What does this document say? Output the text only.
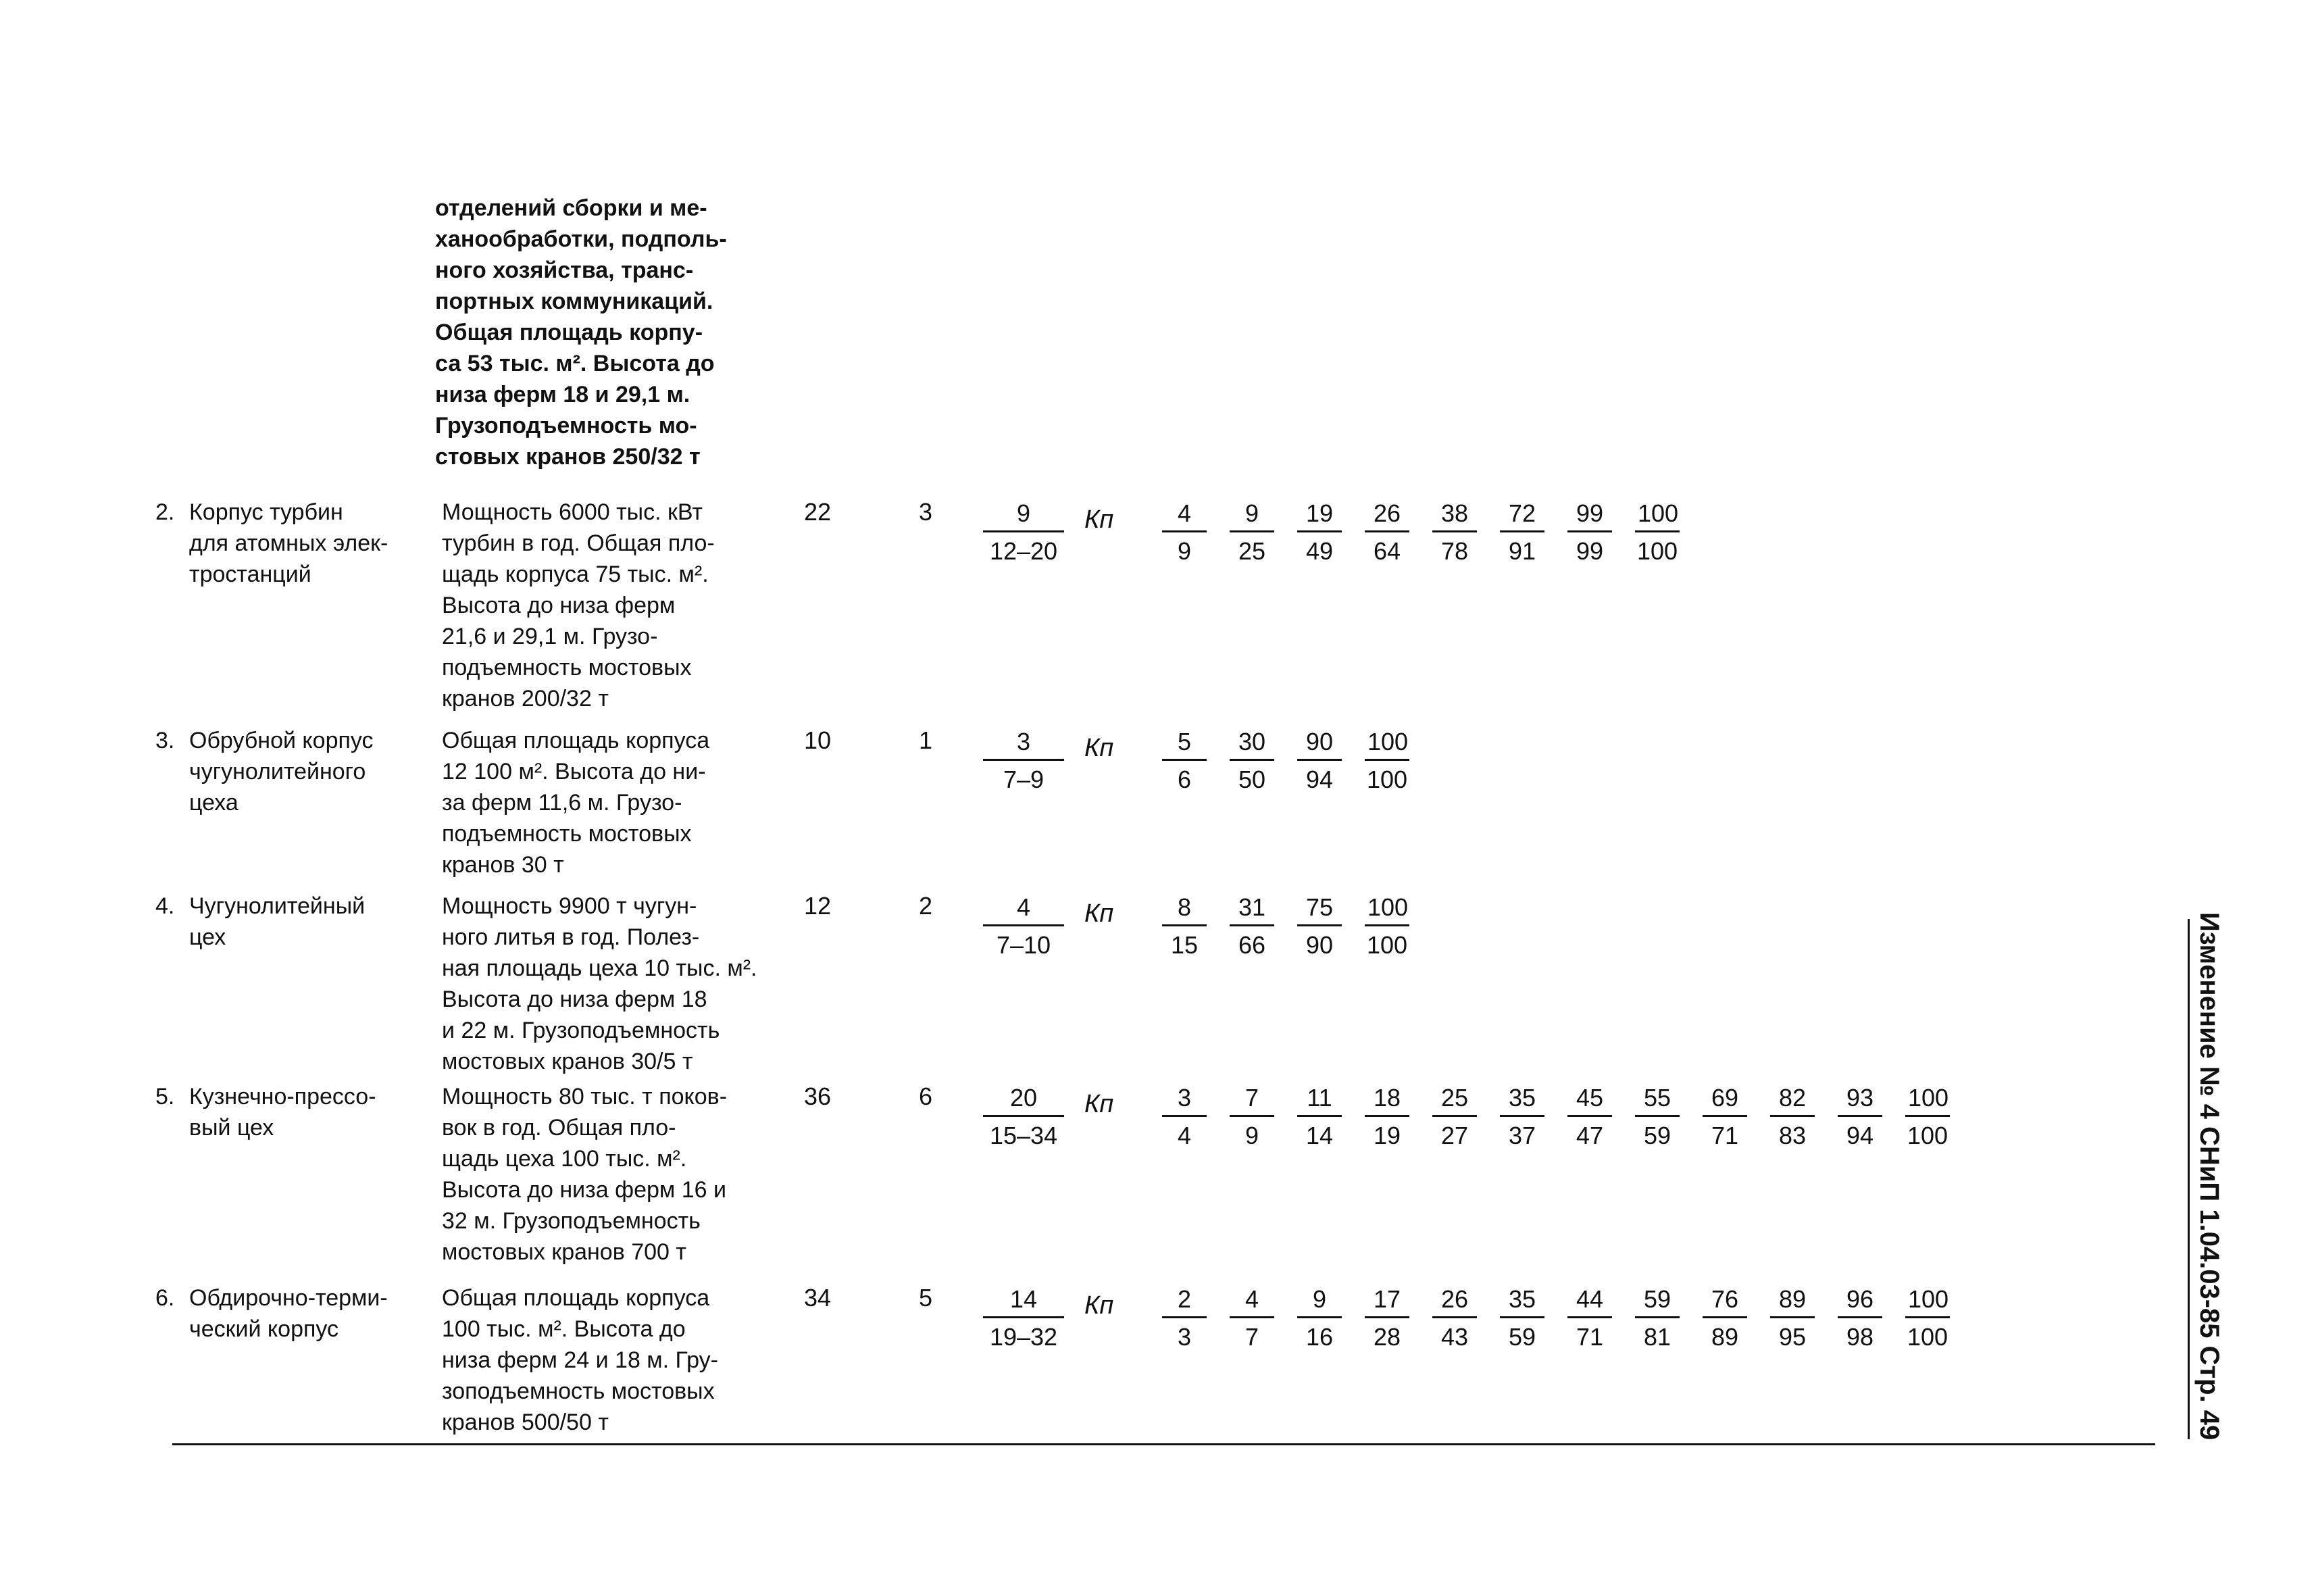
отделений сборки и ме-
ханообработки, подполь-
ного хозяйства, транс-
портных коммуникаций.
Общая площадь корпу-
са 53 тыс. м². Высота до
низа ферм 18 и 29,1 м.
Грузоподъемность мо-
стовых кранов 250/32 т
2. Корпус турбин
для атомных элек-
тростанций
Мощность 6000 тыс. кВт
турбин в год. Общая пло-
щадь корпуса 75 тыс. м².
Высота до низа ферм
21,6 и 29,1 м. Грузо-
подъемность мостовых
кранов 200/32 т
22	3	$\frac{9}{12-20}$ Кп $\frac{4}{9} \frac{9}{25} \frac{19}{49} \frac{26}{64} \frac{38}{78} \frac{72}{91} \frac{99}{99} \frac{100}{100}$
3. Обрубной корпус
чугунолитейного
цеха
Общая площадь корпуса
12 100 м². Высота до ни-
за ферм 11,6 м. Грузо-
подъемность мостовых
кранов 30 т
10	1	$\frac{3}{7-9}$ Кп $\frac{5}{6} \frac{30}{50} \frac{90}{94} \frac{100}{100}$
4. Чугунолитейный
цех
Мощность 9900 т чугун-
ного литья в год. Полез-
ная площадь цеха 10 тыс. м².
Высота до низа ферм 18
и 22 м. Грузоподъемность
мостовых кранов 30/5 т
12	2	$\frac{4}{7-10}$ Кп $\frac{8}{15} \frac{31}{66} \frac{75}{90} \frac{100}{100}$
5. Кузнечно-прессо-
вый цех
Мощность 80 тыс. т поков-
вок в год. Общая пло-
щадь цеха 100 тыс. м².
Высота до низа ферм 16 и
32 м. Грузоподъемность
мостовых кранов 700 т
36	6	$\frac{20}{15-34}$ Кп $\frac{3}{4} \frac{7}{9} \frac{11}{14} \frac{18}{19} \frac{25}{27} \frac{35}{37} \frac{45}{47} \frac{55}{59} \frac{69}{71} \frac{82}{83} \frac{93}{94} \frac{100}{100}$
6. Обдирочно-терми-
ческий корпус
Общая площадь корпуса
100 тыс. м². Высота до
низа ферм 24 и 18 м. Гру-
зоподъемность мостовых
кранов 500/50 т
34	5	$\frac{14}{19-32}$ Кп $\frac{2}{3} \frac{4}{7} \frac{9}{16} \frac{17}{28} \frac{26}{43} \frac{35}{59} \frac{44}{71} \frac{59}{81} \frac{76}{89} \frac{89}{95} \frac{96}{98} \frac{100}{100}$	Изменение № 4 СНиП 1.04.03-85 Стр. 49
